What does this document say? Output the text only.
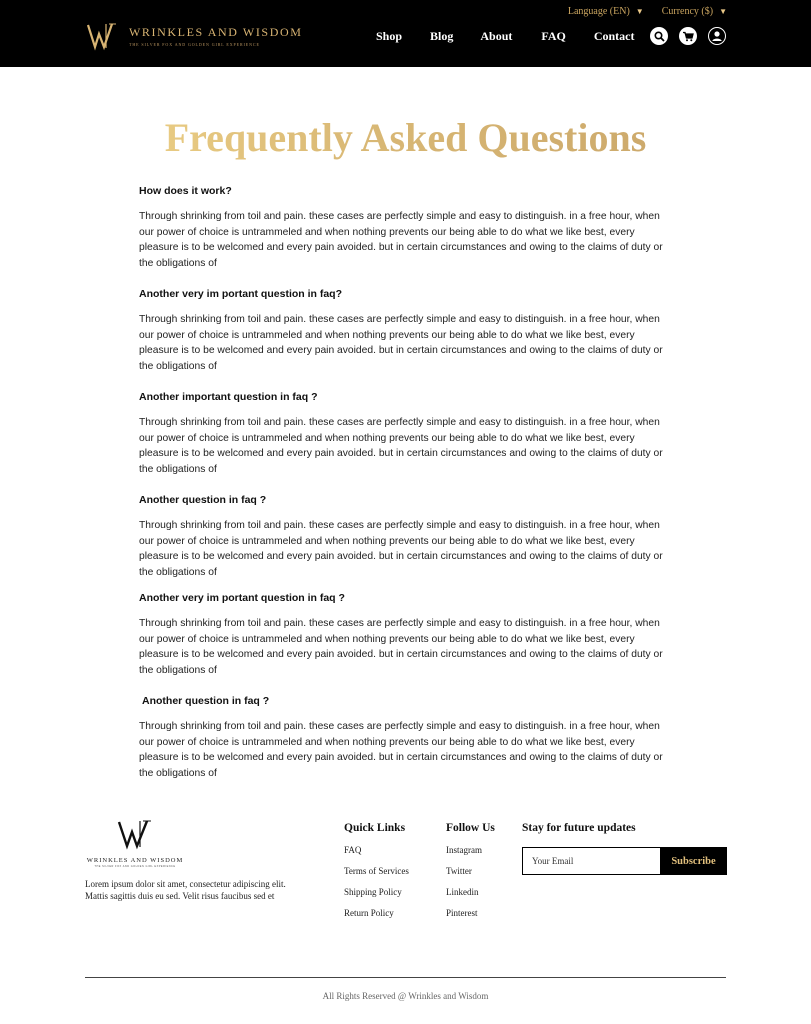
Language (EN) ▼ Currency ($) ▼
WRINKLES AND WISDOM
THE SILVER FOX AND GOLDEN GIRL EXPERIENCE
Shop Blog About FAQ Contact
Frequently Asked Questions
How does it work?

Through shrinking from toil and pain. these cases are perfectly simple and easy to distinguish. in a free hour, when our power of choice is untrammeled and when nothing prevents our being able to do what we like best, every pleasure is to be welcomed and every pain avoided. but in certain circumstances and owing to the claims of duty or the obligations of

Another very im portant question in faq?

Through shrinking from toil and pain. these cases are perfectly simple and easy to distinguish. in a free hour, when our power of choice is untrammeled and when nothing prevents our being able to do what we like best, every pleasure is to be welcomed and every pain avoided. but in certain circumstances and owing to the claims of duty or the obligations of

Another important question in faq ?

Through shrinking from toil and pain. these cases are perfectly simple and easy to distinguish. in a free hour, when our power of choice is untrammeled and when nothing prevents our being able to do what we like best, every pleasure is to be welcomed and every pain avoided. but in certain circumstances and owing to the claims of duty or the obligations of

Another question in faq ?

Through shrinking from toil and pain. these cases are perfectly simple and easy to distinguish. in a free hour, when our power of choice is untrammeled and when nothing prevents our being able to do what we like best, every pleasure is to be welcomed and every pain avoided. but in certain circumstances and owing to the claims of duty or the obligations of

Another very im portant question in faq ?

Through shrinking from toil and pain. these cases are perfectly simple and easy to distinguish. in a free hour, when our power of choice is untrammeled and when nothing prevents our being able to do what we like best, every pleasure is to be welcomed and every pain avoided. but in certain circumstances and owing to the claims of duty or the obligations of

Another question in faq ?

Through shrinking from toil and pain. these cases are perfectly simple and easy to distinguish. in a free hour, when our power of choice is untrammeled and when nothing prevents our being able to do what we like best, every pleasure is to be welcomed and every pain avoided. but in certain circumstances and owing to the claims of duty or the obligations of

WRINKLES AND WISDOM
THE SILVER FOX AND GOLDEN GIRL EXPERIENCE

Lorem ipsum dolor sit amet, consectetur adipiscing elit. Mattis sagittis duis eu sed. Velit risus faucibus sed et

Quick Links
FAQ
Terms of Services
Shipping Policy
Return Policy
Follow Us
Instagram
Twitter
Linkedin
Pinterest
Stay for future updates
Your Email
Subscribe
All Rights Reserved @ Wrinkles and Wisdom
